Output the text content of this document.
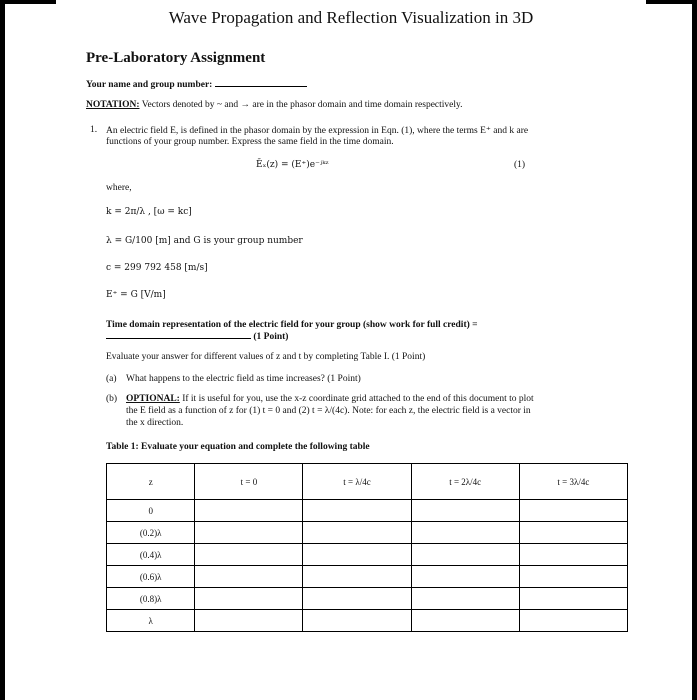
Wave Propagation and Reflection Visualization in 3D
Pre-Laboratory Assignment
Your name and group number:
NOTATION: Vectors denoted by ~ and → are in the phasor domain and time domain respectively.
1. An electric field E, is defined in the phasor domain by the expression in Eqn. (1), where the terms E⁺ and k are
functions of your group number. Express the same field in the time domain.
Ẽₓ(z) = (E⁺)e⁻ʲᵏᶻ	(1)
where,
k = 2π/λ , [ω = kc]
λ = G/100 [m] and G is your group number
c = 299 792 458 [m/s]
E⁺ = G [V/m]
Time domain representation of the electric field for your group (show work for full credit) =
(1 Point)
Evaluate your answer for different values of z and t by completing Table I. (1 Point)
(a) What happens to the electric field as time increases? (1 Point)
(b) OPTIONAL: If it is useful for you, use the x-z coordinate grid attached to the end of this document to plot
the E field as a function of z for (1) t = 0 and (2) t = λ/(4c). Note: for each z, the electric field is a vector in
the x direction.
Table 1: Evaluate your equation and complete the following table
z	t = 0	t = λ/4c	t = 2λ/4c	t = 3λ/4c
0				
(0.2)λ				
(0.4)λ				
(0.6)λ				
(0.8)λ				
λ				
